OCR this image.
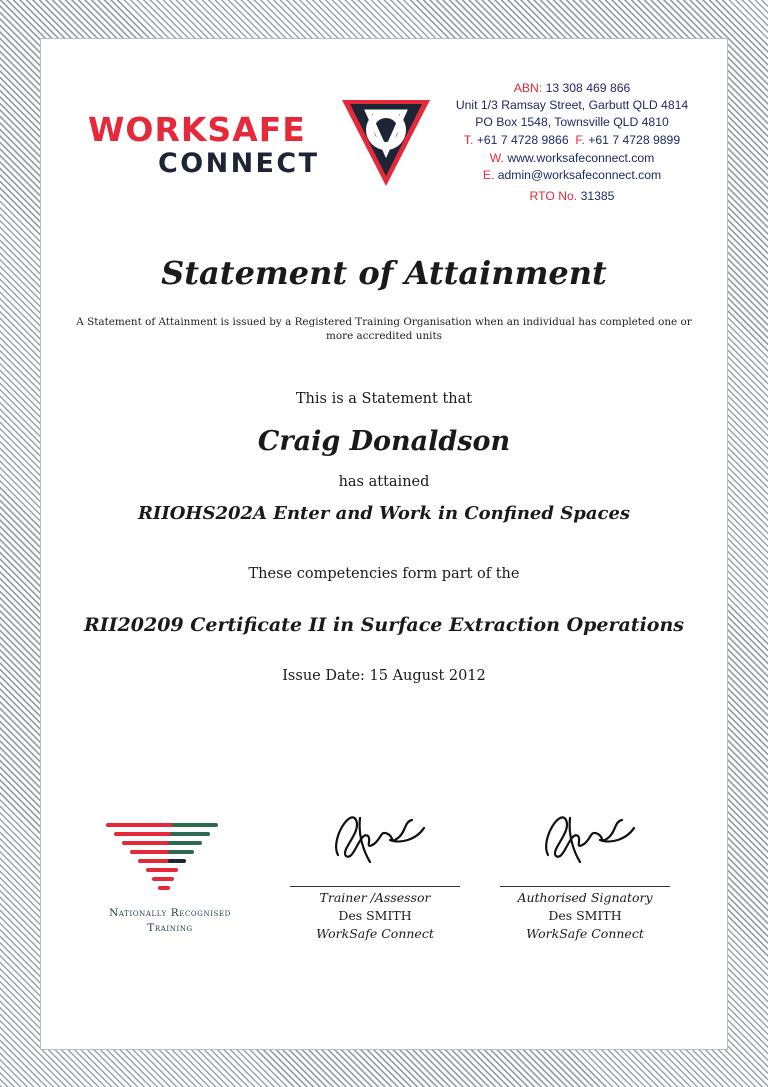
WORKSAFE
CONNECT
ABN: 13 308 469 866
Unit 1/3 Ramsay Street, Garbutt QLD 4814
PO Box 1548, Townsville QLD 4810
T. +61 7 4728 9866 F. +61 7 4728 9899
W. www.worksafeconnect.com
E. admin@worksafeconnect.com
RTO No. 31385
Statement of Attainment
A Statement of Attainment is issued by a Registered Training Organisation when an individual has completed one or more accredited units
This is a Statement that
Craig Donaldson
has attained
RIIOHS202A Enter and Work in Confined Spaces
These competencies form part of the
RII20209 Certificate II in Surface Extraction Operations
Issue Date: 15 August 2012
Nationally Recognised
Training
Trainer /Assessor
Des SMITH
WorkSafe Connect
Authorised Signatory
Des SMITH
WorkSafe Connect
